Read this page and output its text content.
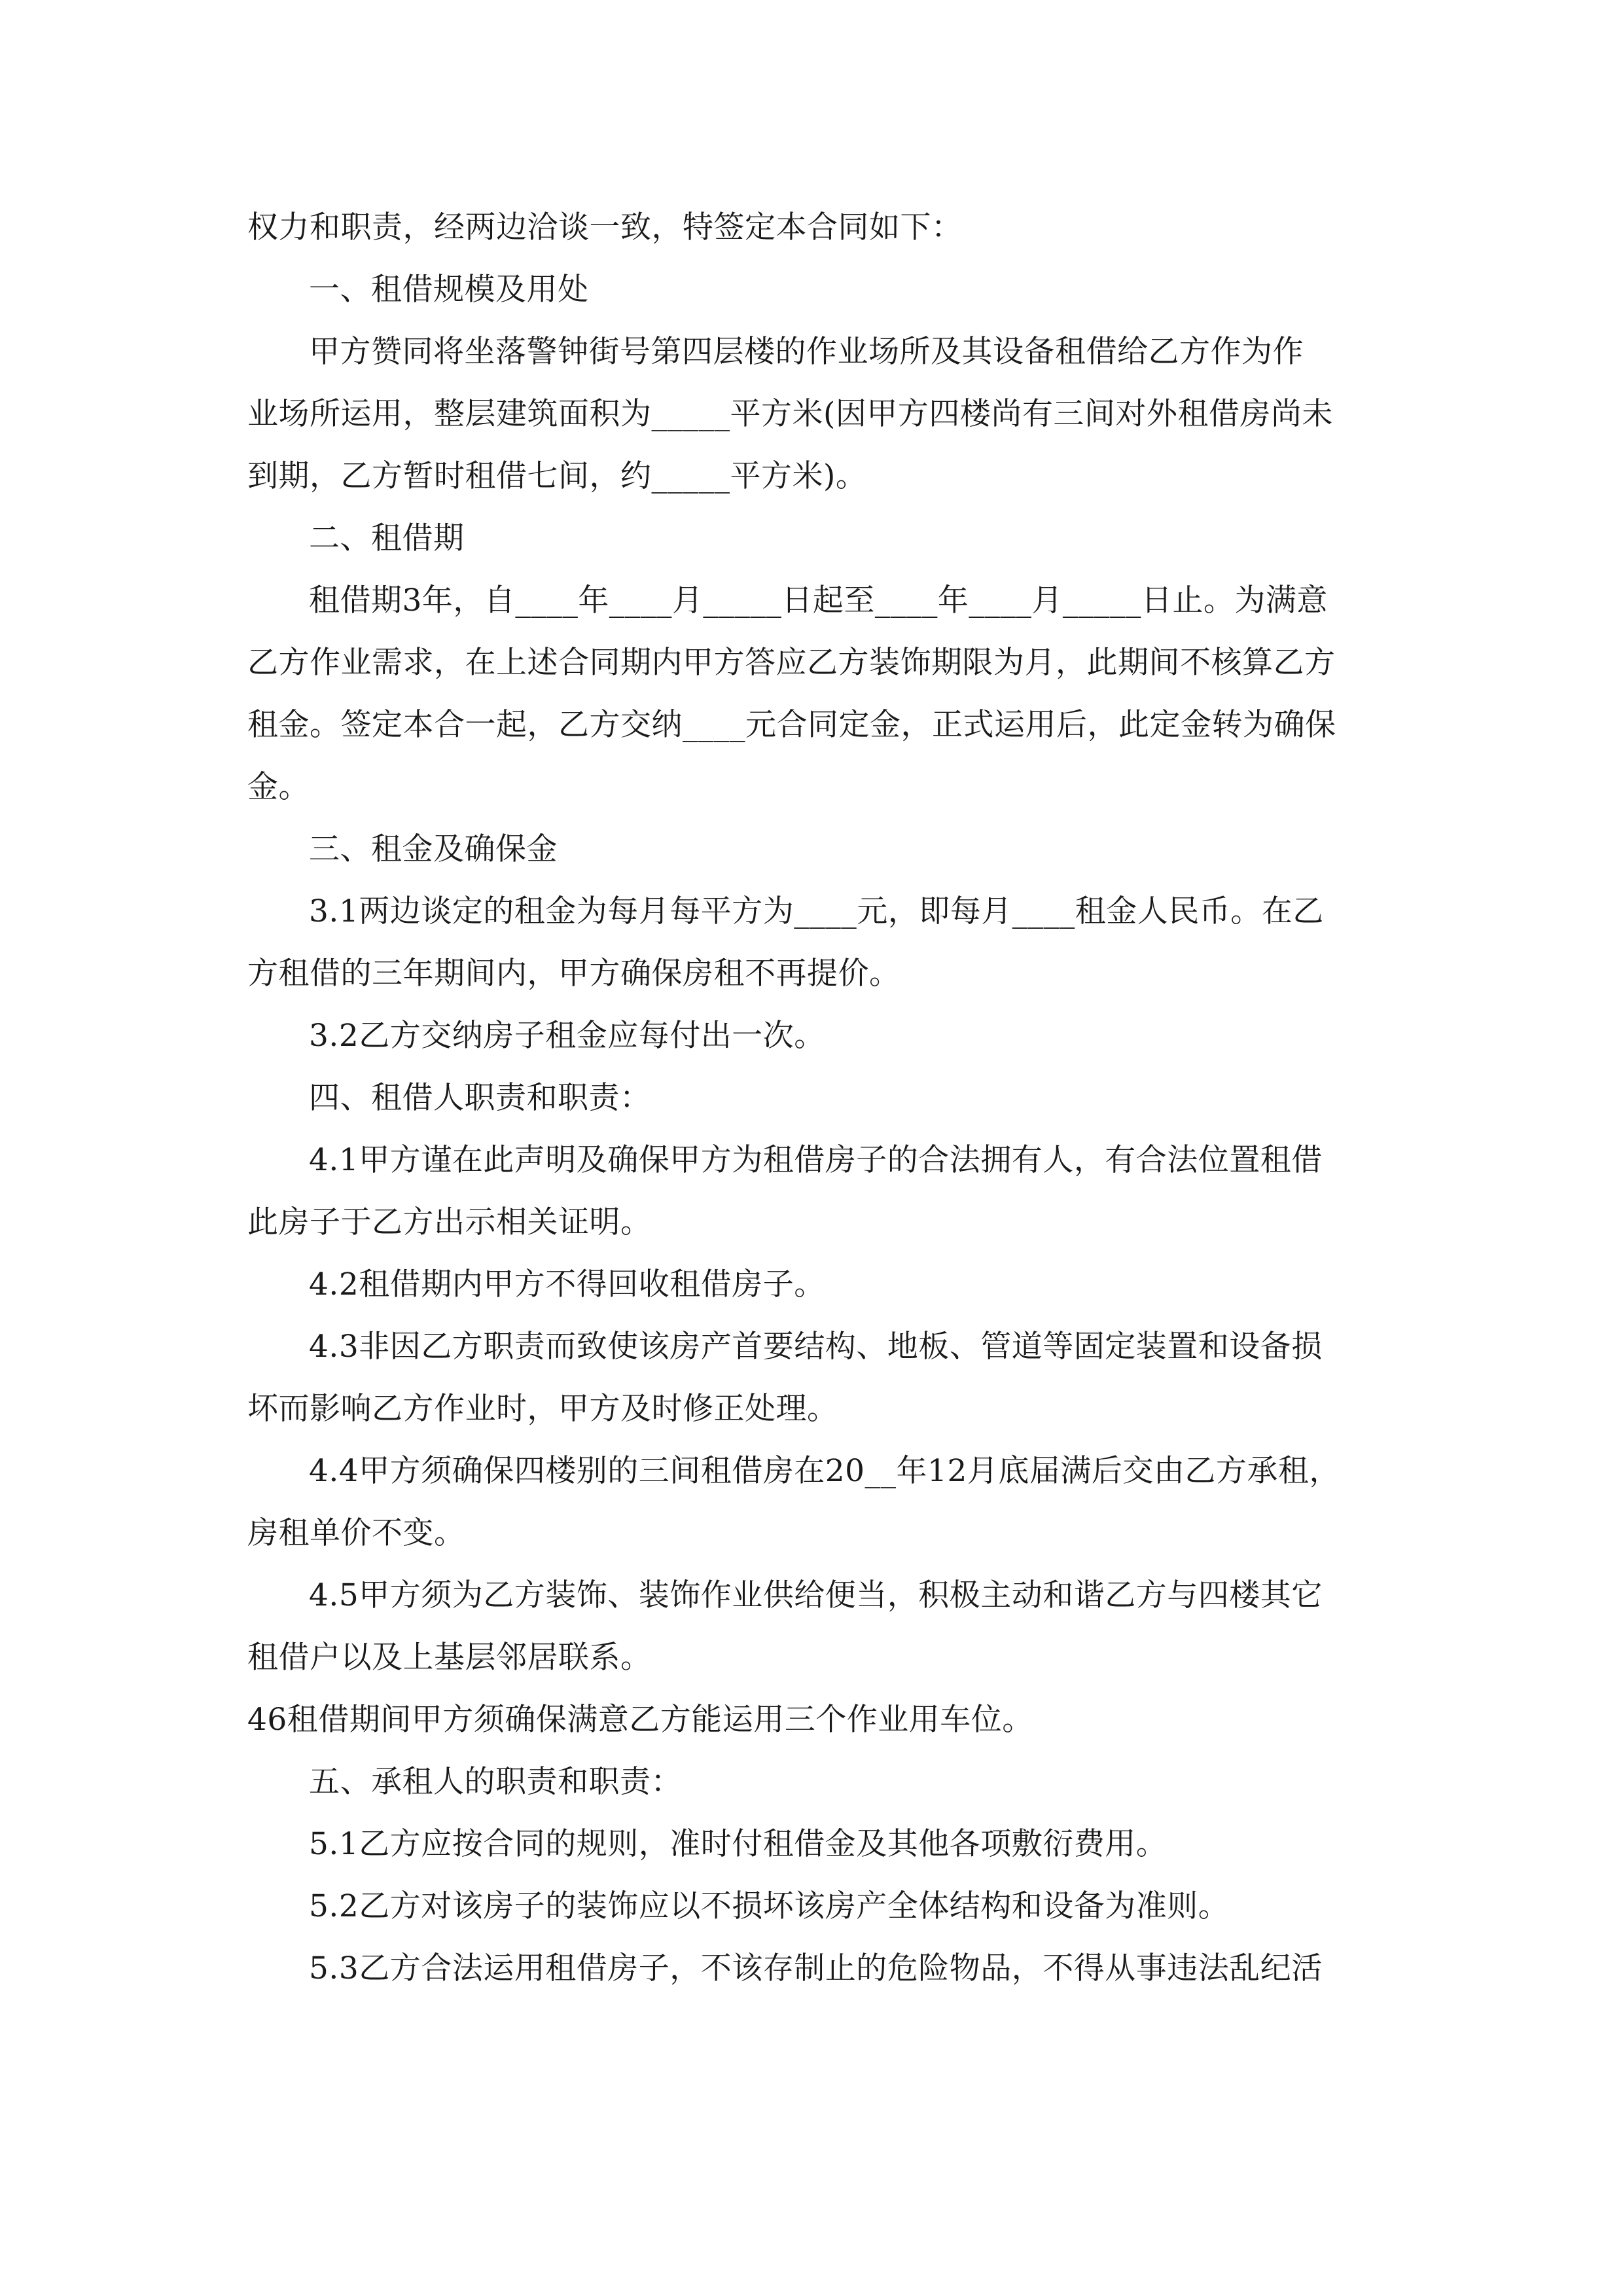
权力和职责，经两边洽谈一致，特签定本合同如下：
一、租借规模及用处
甲方赞同将坐落警钟街号第四层楼的作业场所及其设备租借给乙方作为作
业场所运用，整层建筑面积为_____平方米(因甲方四楼尚有三间对外租借房尚未
到期，乙方暂时租借七间，约_____平方米)。
二、租借期
租借期3年，自____年____月_____日起至____年____月_____日止。为满意
乙方作业需求，在上述合同期内甲方答应乙方装饰期限为月，此期间不核算乙方
租金。签定本合一起，乙方交纳____元合同定金，正式运用后，此定金转为确保
金。
三、租金及确保金
3.1两边谈定的租金为每月每平方为____元，即每月____租金人民币。在乙
方租借的三年期间内，甲方确保房租不再提价。
3.2乙方交纳房子租金应每付出一次。
四、租借人职责和职责：
4.1甲方谨在此声明及确保甲方为租借房子的合法拥有人，有合法位置租借
此房子于乙方出示相关证明。
4.2租借期内甲方不得回收租借房子。
4.3非因乙方职责而致使该房产首要结构、地板、管道等固定装置和设备损
坏而影响乙方作业时，甲方及时修正处理。
4.4甲方须确保四楼别的三间租借房在20__年12月底届满后交由乙方承租，
房租单价不变。
4.5甲方须为乙方装饰、装饰作业供给便当，积极主动和谐乙方与四楼其它
租借户以及上基层邻居联系。
46租借期间甲方须确保满意乙方能运用三个作业用车位。
五、承租人的职责和职责：
5.1乙方应按合同的规则，准时付租借金及其他各项敷衍费用。
5.2乙方对该房子的装饰应以不损坏该房产全体结构和设备为准则。
5.3乙方合法运用租借房子，不该存制止的危险物品，不得从事违法乱纪活
